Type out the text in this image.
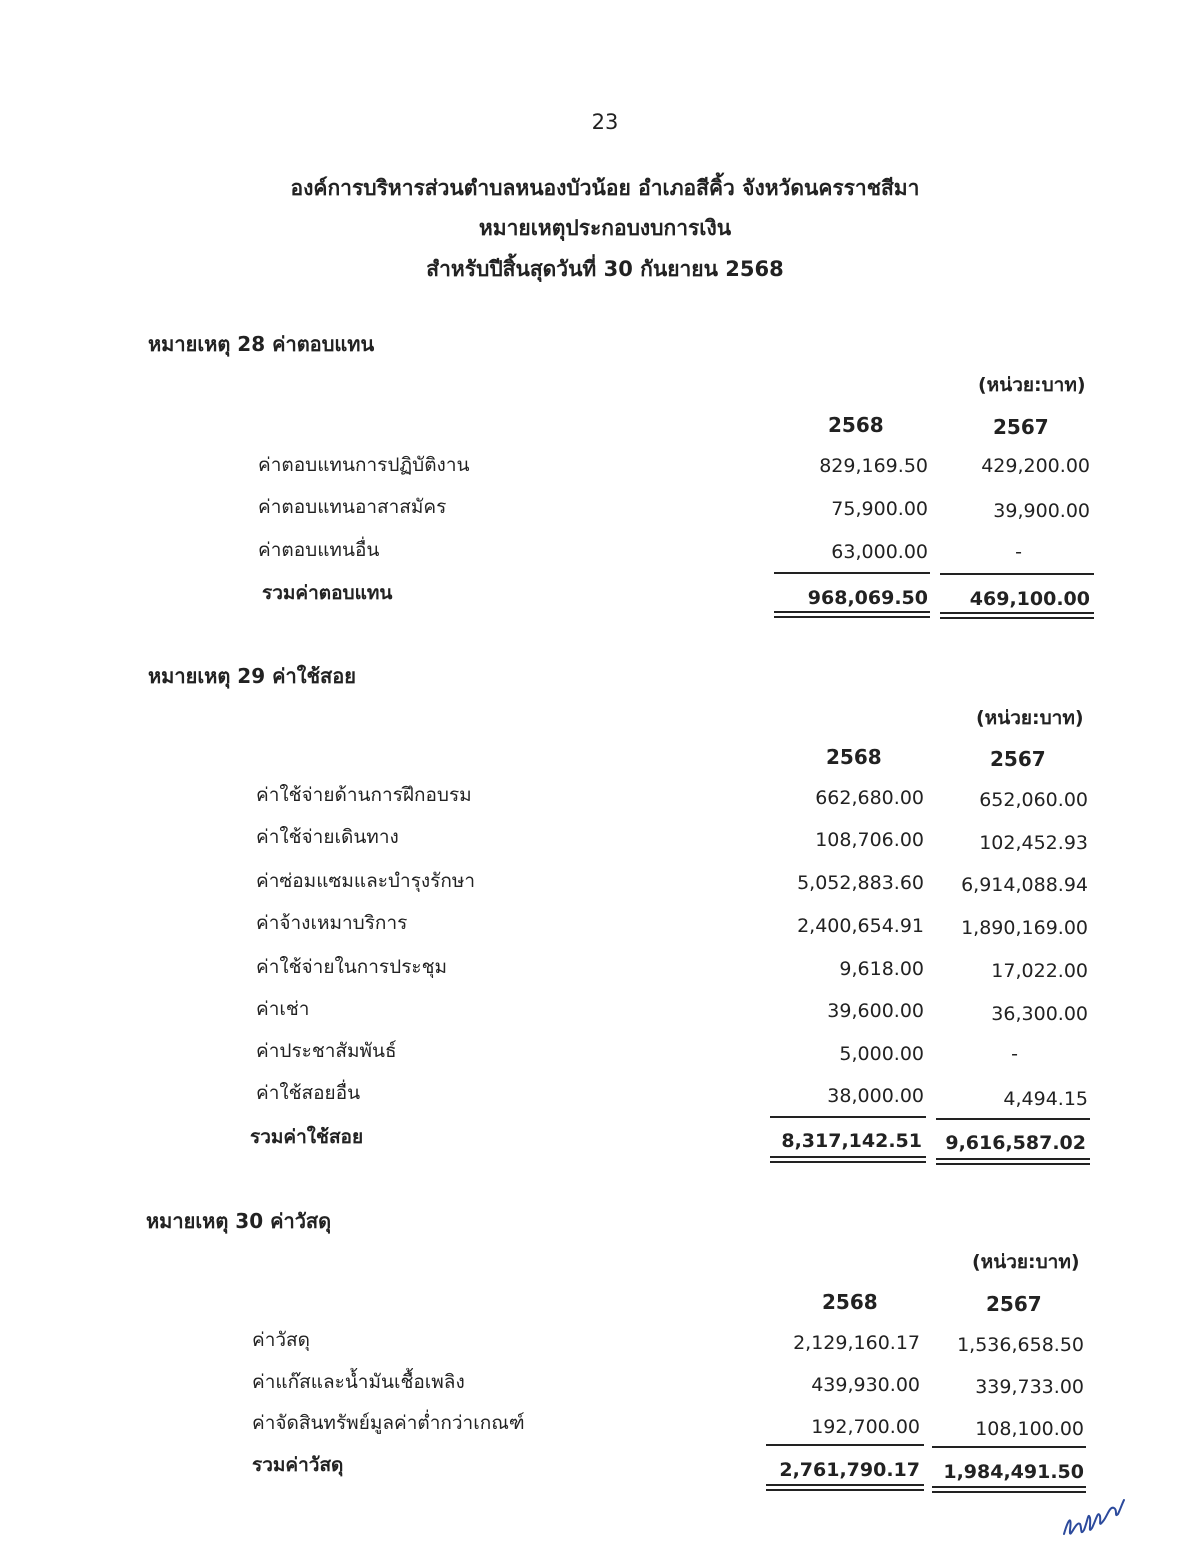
23
องค์การบริหารส่วนตำบลหนองบัวน้อย อำเภอสีคิ้ว จังหวัดนครราชสีมา
หมายเหตุประกอบงบการเงิน
สำหรับปีสิ้นสุดวันที่ 30 กันยายน 2568
หมายเหตุ 28 ค่าตอบแทน
(หน่วย:บาท)
2568	2567
ค่าตอบแทนการปฏิบัติงาน	829,169.50	429,200.00
ค่าตอบแทนอาสาสมัคร	75,900.00	39,900.00
ค่าตอบแทนอื่น	63,000.00	-
รวมค่าตอบแทน	968,069.50	469,100.00
หมายเหตุ 29 ค่าใช้สอย
(หน่วย:บาท)
2568	2567
ค่าใช้จ่ายด้านการฝึกอบรม	662,680.00	652,060.00
ค่าใช้จ่ายเดินทาง	108,706.00	102,452.93
ค่าซ่อมแซมและบำรุงรักษา	5,052,883.60	6,914,088.94
ค่าจ้างเหมาบริการ	2,400,654.91	1,890,169.00
ค่าใช้จ่ายในการประชุม	9,618.00	17,022.00
ค่าเช่า	39,600.00	36,300.00
ค่าประชาสัมพันธ์	5,000.00	-
ค่าใช้สอยอื่น	38,000.00	4,494.15
รวมค่าใช้สอย	8,317,142.51	9,616,587.02
หมายเหตุ 30 ค่าวัสดุ
(หน่วย:บาท)
2568	2567
ค่าวัสดุ	2,129,160.17	1,536,658.50
ค่าแก๊สและน้ำมันเชื้อเพลิง	439,930.00	339,733.00
ค่าจัดสินทรัพย์มูลค่าต่ำกว่าเกณฑ์	192,700.00	108,100.00
รวมค่าวัสดุ	2,761,790.17	1,984,491.50
